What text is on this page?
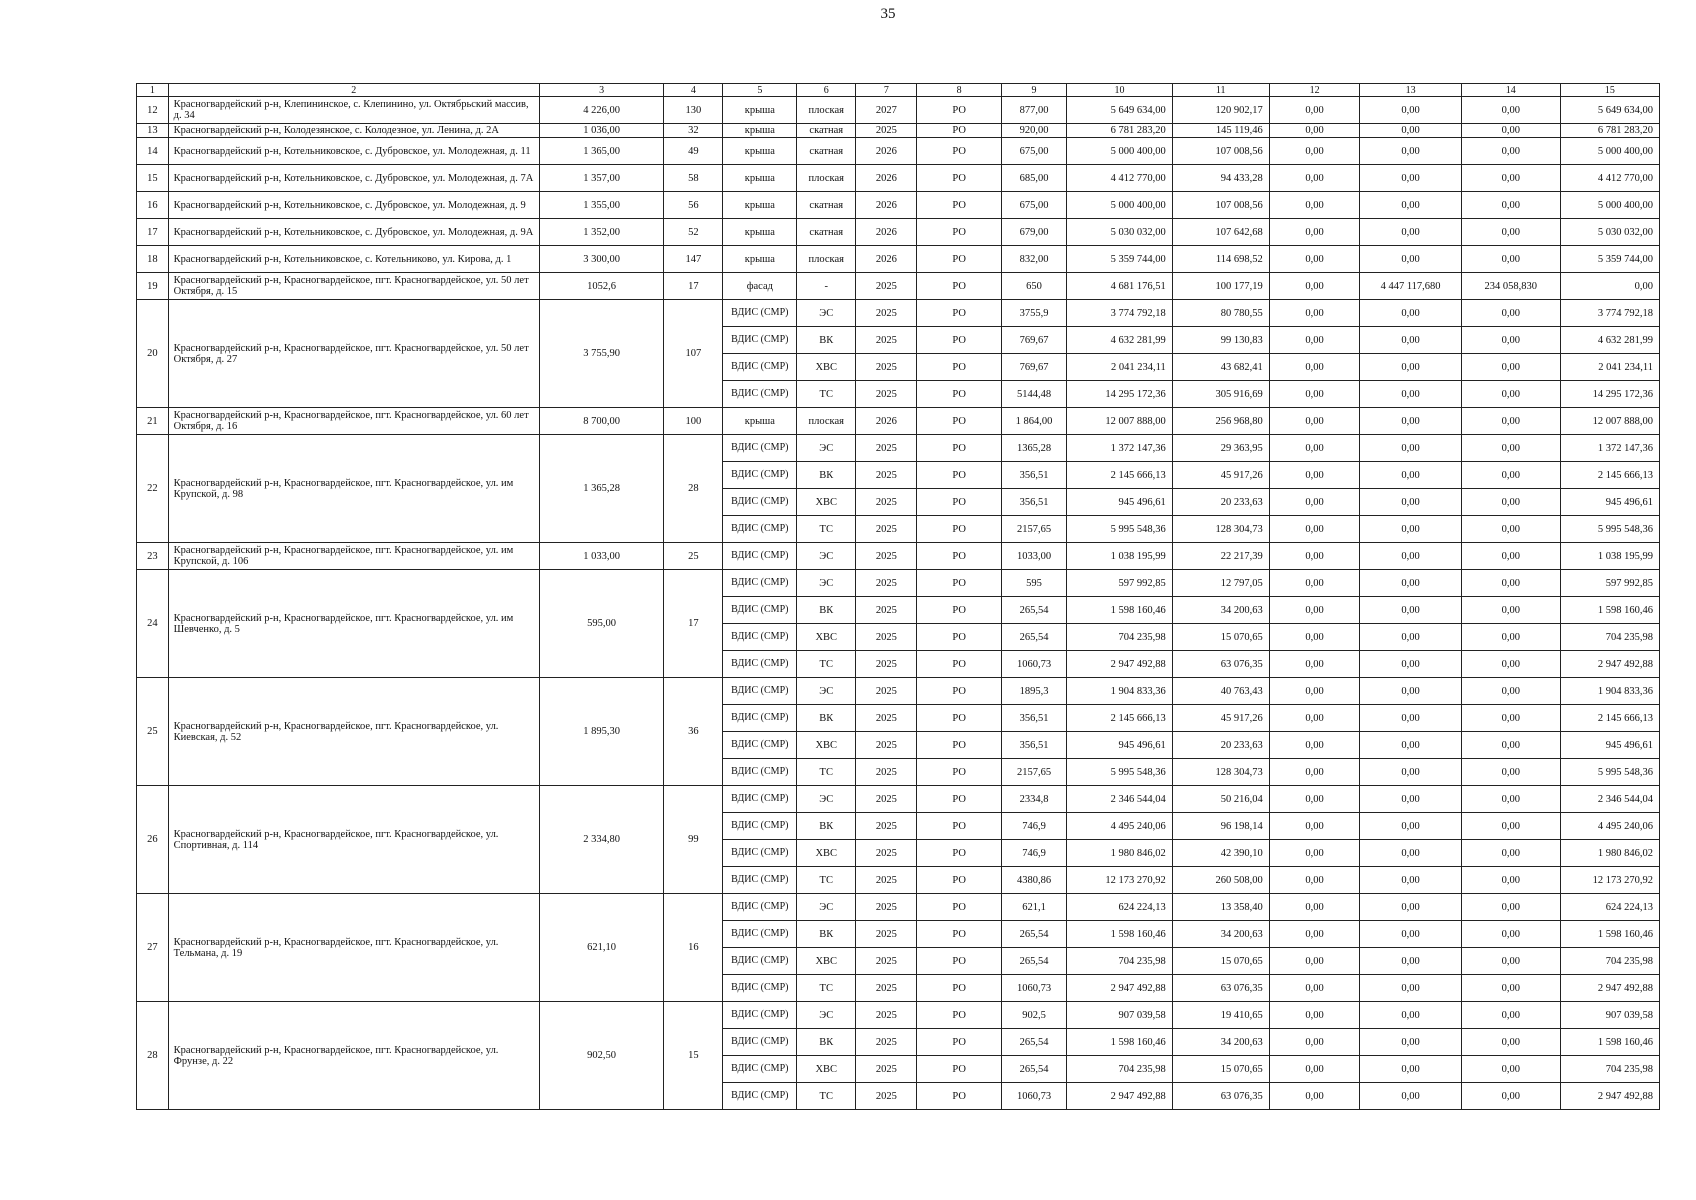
35
1	2	3	4	5	6	7	8	9	10	11	12	13	14	15
12	Красногвардейский р-н, Клепининское, с. Клепинино, ул. Октябрьский массив, д. 34	4 226,00	130	крыша	плоская	2027	РО	877,00	5 649 634,00	120 902,17	0,00	0,00	0,00	5 649 634,00
13	Красногвардейский р-н, Колодезянское, с. Колодезное, ул. Ленина, д. 2А	1 036,00	32	крыша	скатная	2025	РО	920,00	6 781 283,20	145 119,46	0,00	0,00	0,00	6 781 283,20
14	Красногвардейский р-н, Котельниковское, с. Дубровское, ул. Молодежная, д. 11	1 365,00	49	крыша	скатная	2026	РО	675,00	5 000 400,00	107 008,56	0,00	0,00	0,00	5 000 400,00
15	Красногвардейский р-н, Котельниковское, с. Дубровское, ул. Молодежная, д. 7А	1 357,00	58	крыша	плоская	2026	РО	685,00	4 412 770,00	94 433,28	0,00	0,00	0,00	4 412 770,00
16	Красногвардейский р-н, Котельниковское, с. Дубровское, ул. Молодежная, д. 9	1 355,00	56	крыша	скатная	2026	РО	675,00	5 000 400,00	107 008,56	0,00	0,00	0,00	5 000 400,00
17	Красногвардейский р-н, Котельниковское, с. Дубровское, ул. Молодежная, д. 9А	1 352,00	52	крыша	скатная	2026	РО	679,00	5 030 032,00	107 642,68	0,00	0,00	0,00	5 030 032,00
18	Красногвардейский р-н, Котельниковское, с. Котельниково, ул. Кирова, д. 1	3 300,00	147	крыша	плоская	2026	РО	832,00	5 359 744,00	114 698,52	0,00	0,00	0,00	5 359 744,00
19	Красногвардейский р-н, Красногвардейское, пгт. Красногвардейское, ул. 50 лет Октября, д. 15	1052,6	17	фасад	-	2025	РО	650	4 681 176,51	100 177,19	0,00	4 447 117,680	234 058,830	0,00
20	Красногвардейский р-н, Красногвардейское, пгт. Красногвардейское, ул. 50 лет Октября, д. 27	3 755,90	107	ВДИС (СМР)	ЭС	2025	РО	3755,9	3 774 792,18	80 780,55	0,00	0,00	0,00	3 774 792,18
				ВДИС (СМР)	ВК	2025	РО	769,67	4 632 281,99	99 130,83	0,00	0,00	0,00	4 632 281,99
				ВДИС (СМР)	ХВС	2025	РО	769,67	2 041 234,11	43 682,41	0,00	0,00	0,00	2 041 234,11
				ВДИС (СМР)	ТС	2025	РО	5144,48	14 295 172,36	305 916,69	0,00	0,00	0,00	14 295 172,36
21	Красногвардейский р-н, Красногвардейское, пгт. Красногвардейское, ул. 60 лет Октября, д. 16	8 700,00	100	крыша	плоская	2026	РО	1 864,00	12 007 888,00	256 968,80	0,00	0,00	0,00	12 007 888,00
22	Красногвардейский р-н, Красногвардейское, пгт. Красногвардейское, ул. им Крупской, д. 98	1 365,28	28	ВДИС (СМР)	ЭС	2025	РО	1365,28	1 372 147,36	29 363,95	0,00	0,00	0,00	1 372 147,36
				ВДИС (СМР)	ВК	2025	РО	356,51	2 145 666,13	45 917,26	0,00	0,00	0,00	2 145 666,13
				ВДИС (СМР)	ХВС	2025	РО	356,51	945 496,61	20 233,63	0,00	0,00	0,00	945 496,61
				ВДИС (СМР)	ТС	2025	РО	2157,65	5 995 548,36	128 304,73	0,00	0,00	0,00	5 995 548,36
23	Красногвардейский р-н, Красногвардейское, пгт. Красногвардейское, ул. им Крупской, д. 106	1 033,00	25	ВДИС (СМР)	ЭС	2025	РО	1033,00	1 038 195,99	22 217,39	0,00	0,00	0,00	1 038 195,99
24	Красногвардейский р-н, Красногвардейское, пгт. Красногвардейское, ул. им Шевченко, д. 5	595,00	17	ВДИС (СМР)	ЭС	2025	РО	595	597 992,85	12 797,05	0,00	0,00	0,00	597 992,85
				ВДИС (СМР)	ВК	2025	РО	265,54	1 598 160,46	34 200,63	0,00	0,00	0,00	1 598 160,46
				ВДИС (СМР)	ХВС	2025	РО	265,54	704 235,98	15 070,65	0,00	0,00	0,00	704 235,98
				ВДИС (СМР)	ТС	2025	РО	1060,73	2 947 492,88	63 076,35	0,00	0,00	0,00	2 947 492,88
25	Красногвардейский р-н, Красногвардейское, пгт. Красногвардейское, ул. Киевская, д. 52	1 895,30	36	ВДИС (СМР)	ЭС	2025	РО	1895,3	1 904 833,36	40 763,43	0,00	0,00	0,00	1 904 833,36
				ВДИС (СМР)	ВК	2025	РО	356,51	2 145 666,13	45 917,26	0,00	0,00	0,00	2 145 666,13
				ВДИС (СМР)	ХВС	2025	РО	356,51	945 496,61	20 233,63	0,00	0,00	0,00	945 496,61
				ВДИС (СМР)	ТС	2025	РО	2157,65	5 995 548,36	128 304,73	0,00	0,00	0,00	5 995 548,36
26	Красногвардейский р-н, Красногвардейское, пгт. Красногвардейское, ул. Спортивная, д. 114	2 334,80	99	ВДИС (СМР)	ЭС	2025	РО	2334,8	2 346 544,04	50 216,04	0,00	0,00	0,00	2 346 544,04
				ВДИС (СМР)	ВК	2025	РО	746,9	4 495 240,06	96 198,14	0,00	0,00	0,00	4 495 240,06
				ВДИС (СМР)	ХВС	2025	РО	746,9	1 980 846,02	42 390,10	0,00	0,00	0,00	1 980 846,02
				ВДИС (СМР)	ТС	2025	РО	4380,86	12 173 270,92	260 508,00	0,00	0,00	0,00	12 173 270,92
27	Красногвардейский р-н, Красногвардейское, пгт. Красногвардейское, ул. Тельмана, д. 19	621,10	16	ВДИС (СМР)	ЭС	2025	РО	621,1	624 224,13	13 358,40	0,00	0,00	0,00	624 224,13
				ВДИС (СМР)	ВК	2025	РО	265,54	1 598 160,46	34 200,63	0,00	0,00	0,00	1 598 160,46
				ВДИС (СМР)	ХВС	2025	РО	265,54	704 235,98	15 070,65	0,00	0,00	0,00	704 235,98
				ВДИС (СМР)	ТС	2025	РО	1060,73	2 947 492,88	63 076,35	0,00	0,00	0,00	2 947 492,88
28	Красногвардейский р-н, Красногвардейское, пгт. Красногвардейское, ул. Фрунзе, д. 22	902,50	15	ВДИС (СМР)	ЭС	2025	РО	902,5	907 039,58	19 410,65	0,00	0,00	0,00	907 039,58
				ВДИС (СМР)	ВК	2025	РО	265,54	1 598 160,46	34 200,63	0,00	0,00	0,00	1 598 160,46
				ВДИС (СМР)	ХВС	2025	РО	265,54	704 235,98	15 070,65	0,00	0,00	0,00	704 235,98
				ВДИС (СМР)	ТС	2025	РО	1060,73	2 947 492,88	63 076,35	0,00	0,00	0,00	2 947 492,88
